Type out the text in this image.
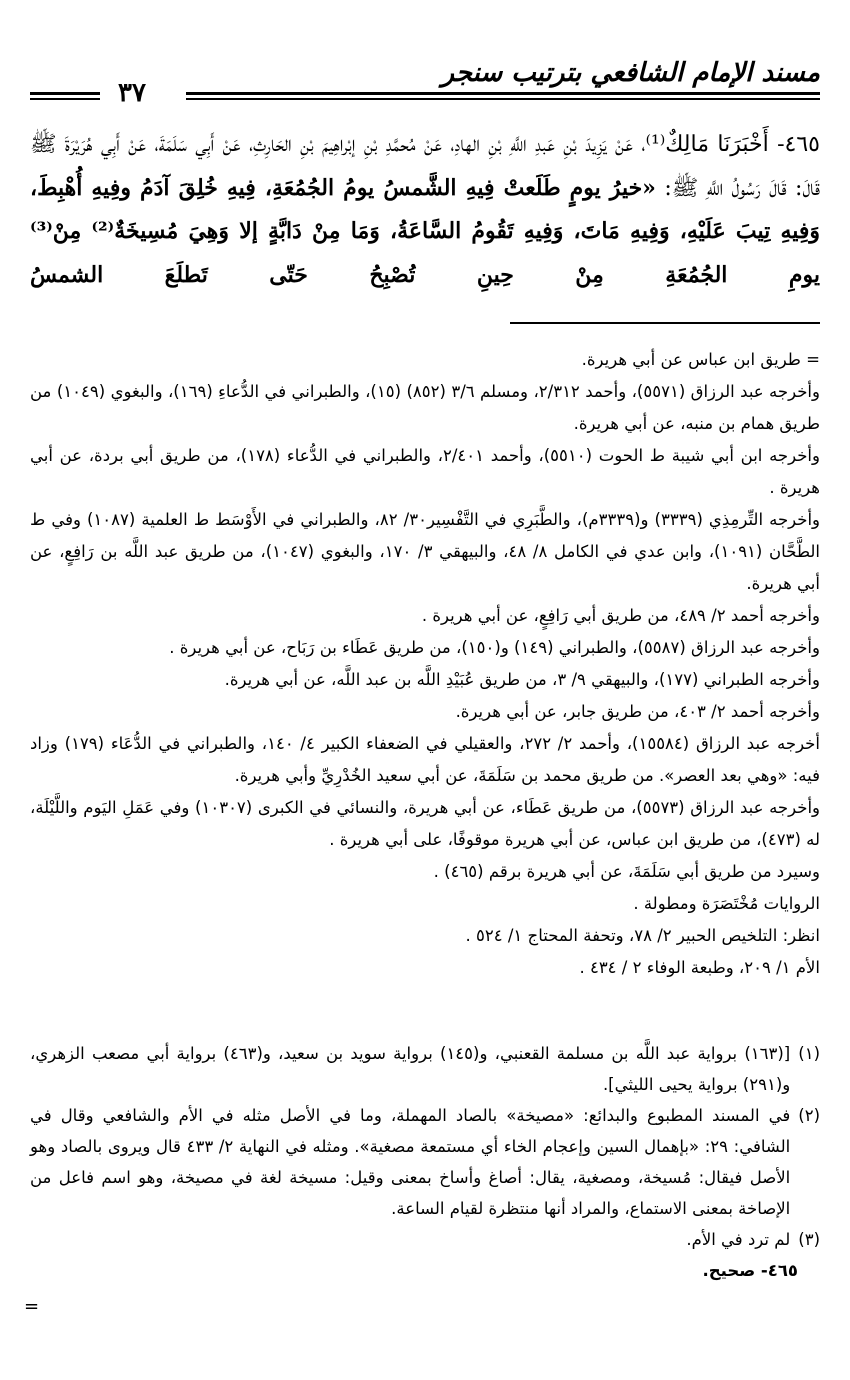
مسند الإمام الشافعي بترتيب سنجر
٣٧
٤٦٥- أَخْبَرَنَا مَالِكٌ⁽¹⁾، عَنْ يَزِيدَ بْنِ عَبدِ اللَّهِ بْنِ الهادِ، عَنْ مُحمَّدِ بْنِ إبْراهِيمَ بْنِ الحَارِثِ، عَنْ أَبِي سَلَمَةَ، عَنْ أَبِي هُرَيْرَةَ ﷺ قَالَ: قَالَ رَسُولُ اللَّهِ ﷺ: «خيرُ يومٍ طَلَعتْ فِيهِ الشَّمسُ يومُ الجُمُعَةِ، فِيهِ خُلِقَ آدَمُ وفِيهِ أُهْبِطَ، وَفِيهِ تِيبَ عَلَيْهِ، وَفِيهِ مَاتَ، وَفِيهِ تَقُومُ السَّاعَةُ، وَمَا مِنْ دَابَّةٍ إلا وَهِيَ مُسِيخَةٌ⁽²⁾ مِنْ⁽³⁾ يومِ الجُمُعَةِ مِنْ حِينِ تُصْبِحُ حَتّى تَطلَعَ الشمسُ

= طريق ابن عباس عن أبي هريرة.

وأخرجه عبد الرزاق (٥٥٧١)، وأحمد ٢/٣١٢، ومسلم ٣/٦ (٨٥٢) (١٥)، والطبراني في الدُّعاءِ (١٦٩)، والبغوي (١٠٤٩) من طريق همام بن منبه، عن أبي هريرة.

وأخرجه ابن أبي شيبة ط الحوت (٥٥١٠)، وأحمد ٢/٤٠١، والطبراني في الدُّعاء (١٧٨)، من طريق أبي بردة، عن أبي هريرة .

وأخرجه التِّرمِذِي (٣٣٣٩) و(٣٣٣٩م)، والطَّبَرِي في التَّفْسِير٣٠/ ٨٢، والطبراني في الأَوْسَط ط العلمية (١٠٨٧) وفي ط الطَّحَّان (١٠٩١)، وابن عدي في الكامل ٨/ ٤٨، والبيهقي ٣/ ١٧٠، والبغوي (١٠٤٧)، من طريق عبد اللَّه بن رَافِعٍ، عن أبي هريرة.

وأخرجه أحمد ٢/ ٤٨٩، من طريق أبي رَافِعٍ، عن أبي هريرة .

وأخرجه عبد الرزاق (٥٥٨٧)، والطبراني (١٤٩) و(١٥٠)، من طريق عَطَاء بن رَبَاح، عن أبي هريرة .

وأخرجه الطبراني (١٧٧)، والبيهقي ٩/ ٣، من طريق عُبَيْدِ اللَّه بن عبد اللَّه، عن أبي هريرة.

وأخرجه أحمد ٢/ ٤٠٣، من طريق جابر، عن أبي هريرة.

أخرجه عبد الرزاق (١٥٥٨٤)، وأحمد ٢/ ٢٧٢، والعقيلي في الضعفاء الكبير ٤/ ١٤٠، والطبراني في الدُّعَاء (١٧٩) وزاد فيه: «وهي بعد العصر». من طريق محمد بن سَلَمَةَ، عن أبي سعيد الخُدْرِيِّ وأبي هريرة.

وأخرجه عبد الرزاق (٥٥٧٣)، من طريق عَطَاء، عن أبي هريرة، والنسائي في الكبرى (١٠٣٠٧) وفي عَمَلِ اليَوم واللَّيْلَة، له (٤٧٣)، من طريق ابن عباس، عن أبي هريرة موقوفًا، على أبي هريرة .

وسيرد من طريق أبي سَلَمَةَ، عن أبي هريرة برقم (٤٦٥) .

الروايات مُخْتَصَرَة ومطولة .

انظر: التلخيص الحبير ٢/ ٧٨، وتحفة المحتاج ١/ ٥٢٤ .

الأم ١/ ٢٠٩، وطبعة الوفاء ٢ / ٤٣٤ .

(١)
[(١٦٣) برواية عبد اللَّه بن مسلمة القعنبي، و(١٤٥) برواية سويد بن سعيد، و(٤٦٣) برواية أبي مصعب الزهري، و(٢٩١) برواية يحيى الليثي].
(٢)
في المسند المطبوع والبدائع: «مصيخة» بالصاد المهملة، وما في الأصل مثله في الأم والشافعي وقال في الشافي: ٢٩: «بإهمال السين وإعجام الخاء أي مستمعة مصغية». ومثله في النهاية ٢/ ٤٣٣ قال ويروى بالصاد وهو الأصل فيقال: مُسيخة، ومصغية، يقال: أصاغ وأساخ بمعنى وقيل: مسيخة لغة في مصيخة، وهو اسم فاعل من الإصاخة بمعنى الاستماع، والمراد أنها منتظرة لقيام الساعة.
(٣)
لم ترد في الأم.
٤٦٥- صحيح.
=
